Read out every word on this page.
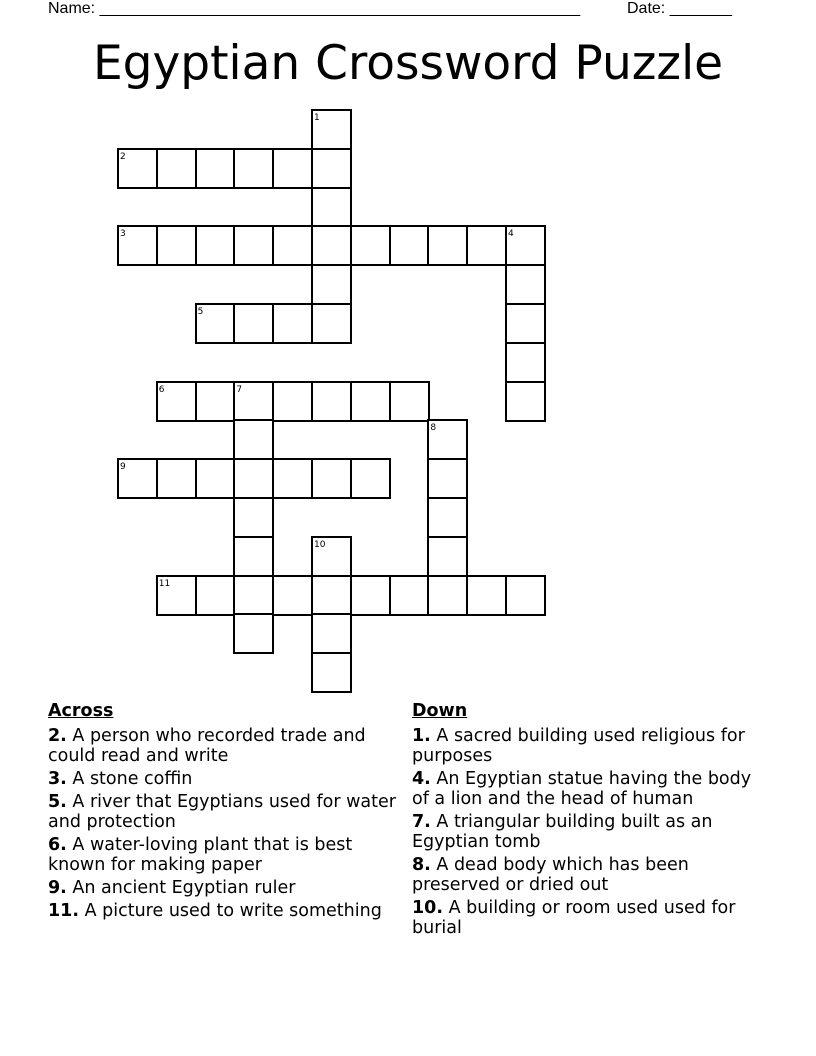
Name: ______________________________________________________	Date: _______
Egyptian Crossword Puzzle
1
2
3	4
5
6	7
8
9
10
11
Across
2. A person who recorded trade and could read and write
3. A stone coffin
5. A river that Egyptians used for water and protection
6. A water-loving plant that is best known for making paper
9. An ancient Egyptian ruler
11. A picture used to write something
Down
1. A sacred building used religious for purposes
4. An Egyptian statue having the body of a lion and the head of human
7. A triangular building built as an Egyptian tomb
8. A dead body which has been preserved or dried out
10. A building or room used used for burial
